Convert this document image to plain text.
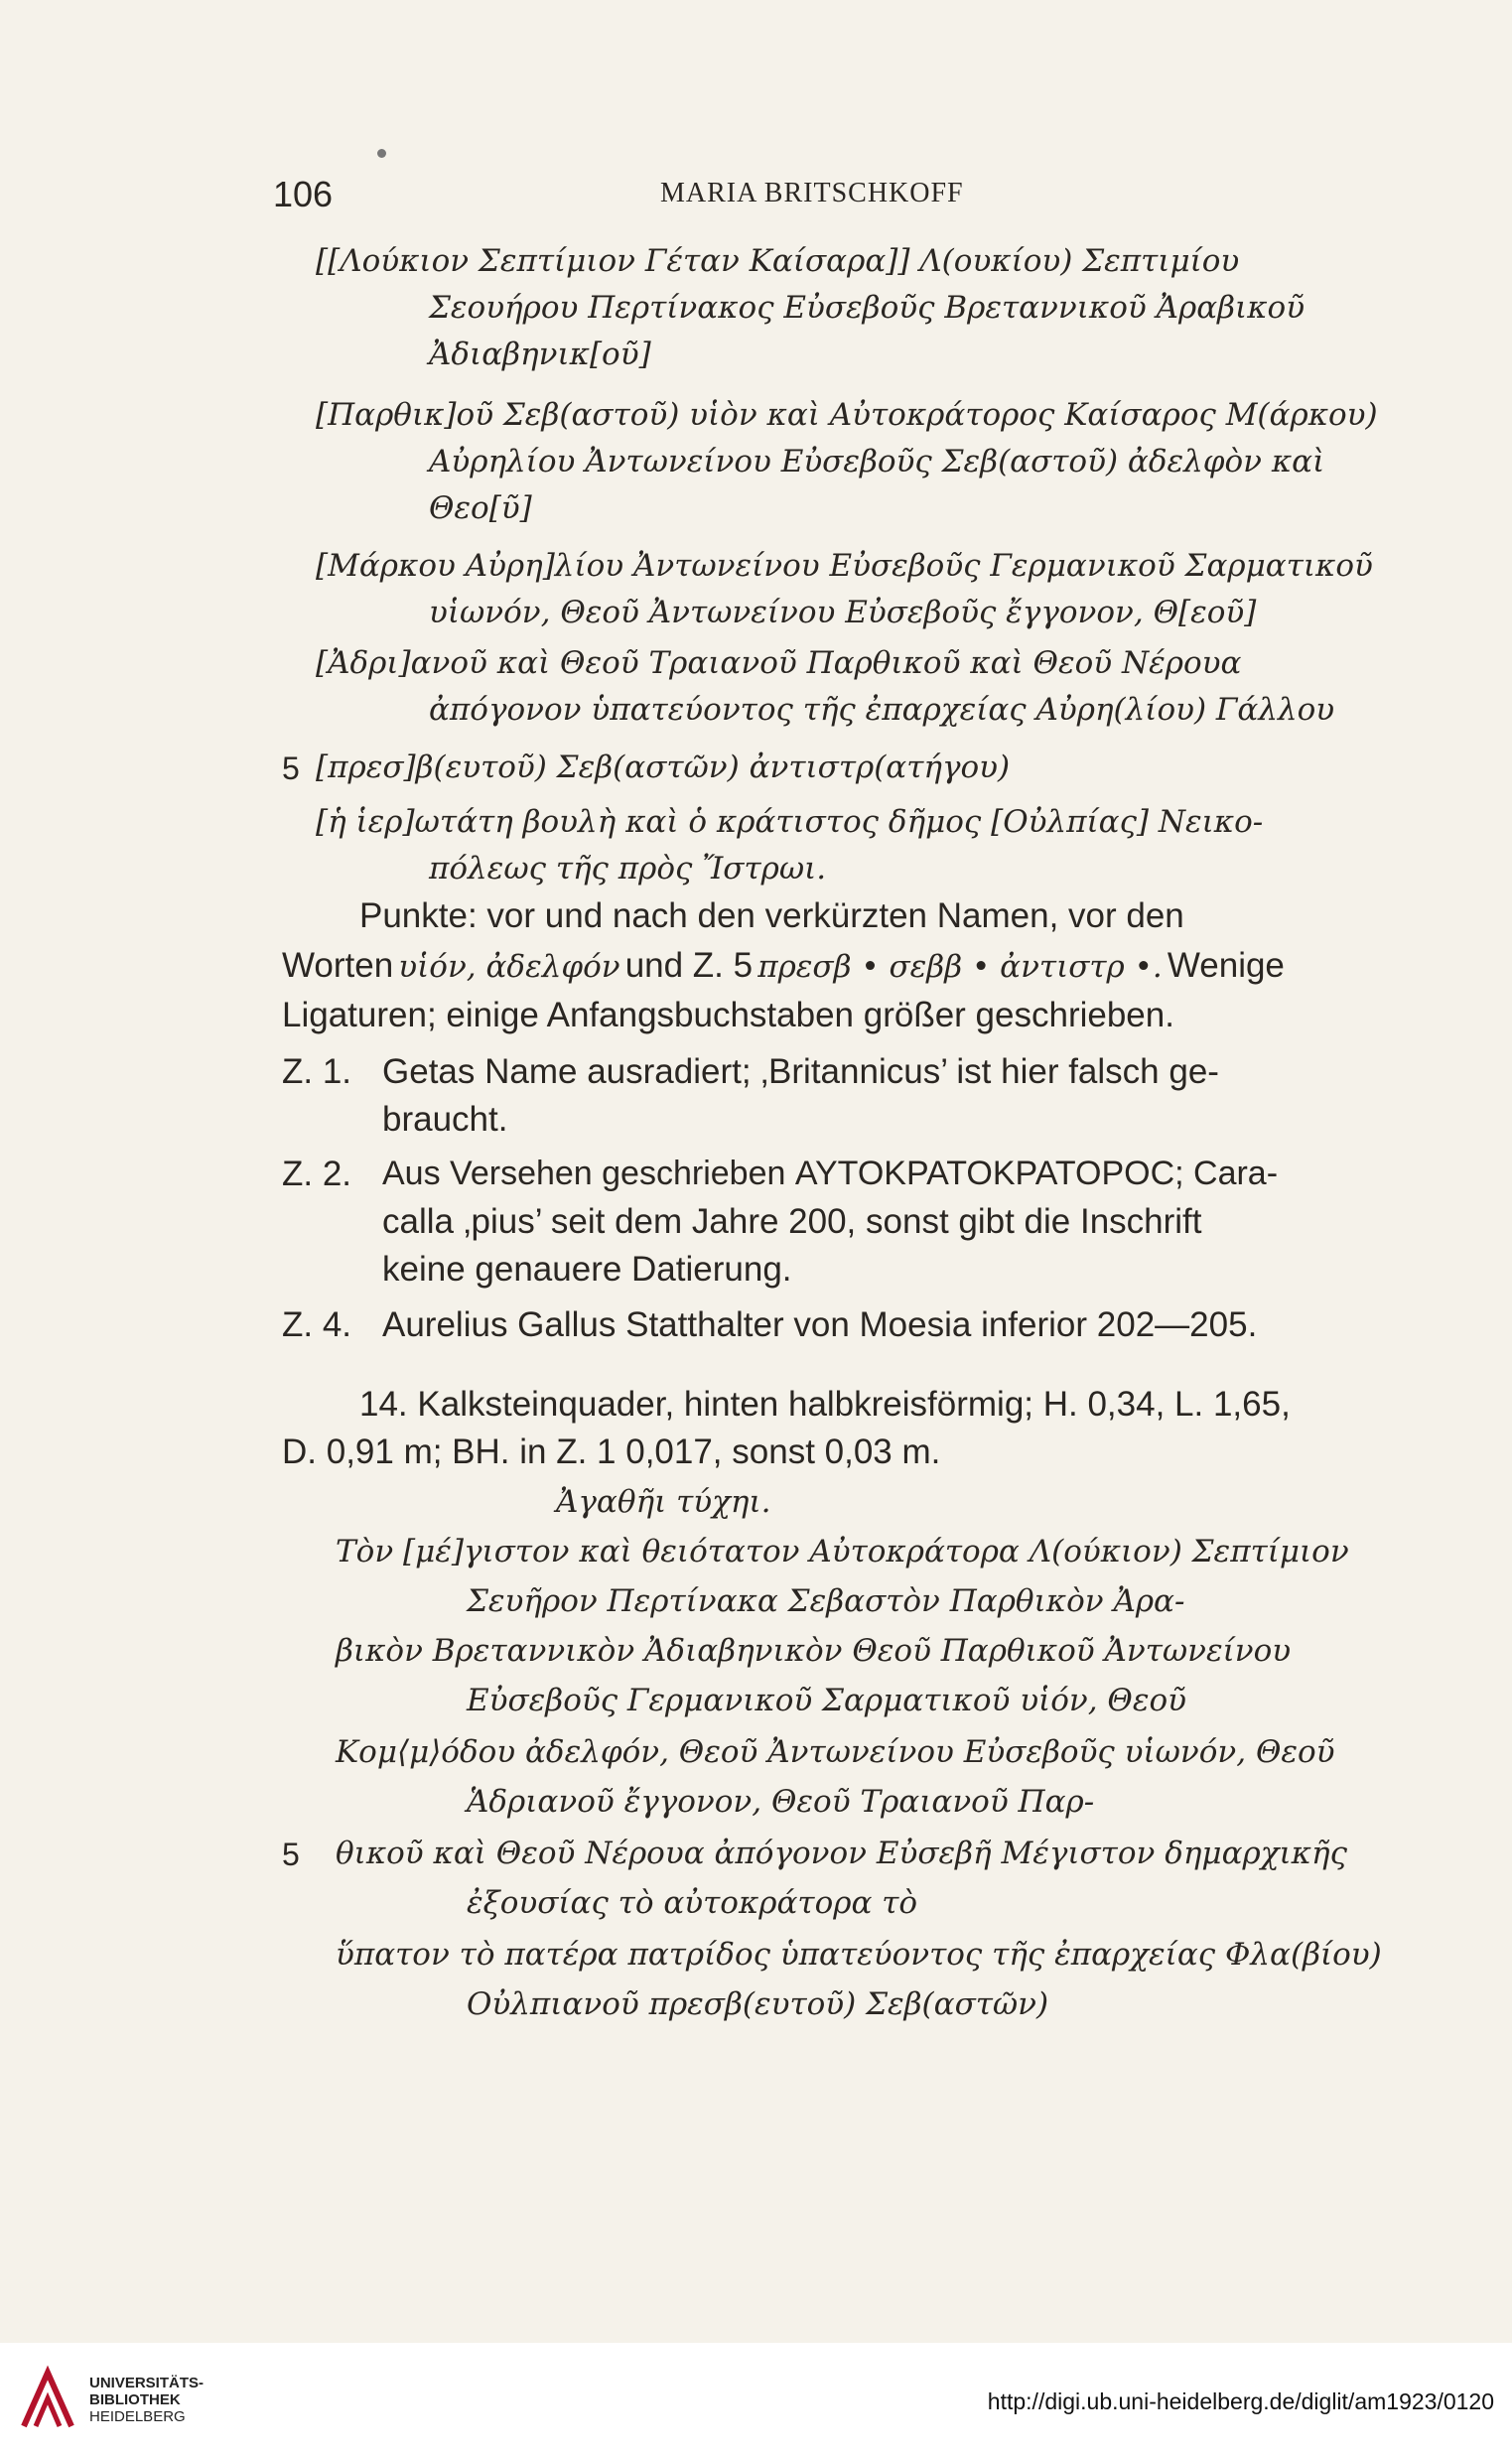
106	MARIA BRITSCHKOFF
[[Λούκιον Σεπτίμιον Γέταν Καίσαρα]] Λ(ουκίου) Σεπτιμίου
Σεουήρου Περτίνακος Εὐσεβοῦς Βρεταννικοῦ Ἀραβικοῦ
Ἀδιαβηνικ[οῦ]
[Παρθικ]οῦ Σεβ(αστοῦ) υἱὸν καὶ Αὐτοκράτορος Καίσαρος Μ(άρκου)
Αὐρηλίου Ἀντωνείνου Εὐσεβοῦς Σεβ(αστοῦ) ἀδελφὸν καὶ
Θεο[ῦ]
[Μάρκου Αὐρη]λίου Ἀντωνείνου Εὐσεβοῦς Γερμανικοῦ Σαρματικοῦ
υἱωνόν, Θεοῦ Ἀντωνείνου Εὐσεβοῦς ἔγγονον, Θ[εοῦ]
[Ἀδρι]ανοῦ καὶ Θεοῦ Τραιανοῦ Παρθικοῦ καὶ Θεοῦ Νέρουα
ἀπόγονον ὑπατεύοντος τῆς ἐπαρχείας Αὐρη(λίου) Γάλλου
5 [πρεσ]β(ευτοῦ) Σεβ(αστῶν) ἀντιστρ(ατήγου)
[ἡ ἱερ]ωτάτη βουλὴ καὶ ὁ κράτιστος δῆμος [Οὐλπίας] Νεικο-
πόλεως τῆς πρὸς Ἴστρωι.
Punkte: vor und nach den verkürzten Namen, vor den
Worten υἱόν, ἀδελφόν und Z. 5 πρεσβ • σεββ • ἀντιστρ •. Wenige
Ligaturen; einige Anfangsbuchstaben größer geschrieben.
Z. 1. Getas Name ausradiert; ‚Britannicus’ ist hier falsch ge-
braucht.
Z. 2. Aus Versehen geschrieben ΑΥΤΟΚΡΑΤΟΚΡΑΤΟΡΟϹ; Cara-
calla ‚pius’ seit dem Jahre 200, sonst gibt die Inschrift
keine genauere Datierung.
Z. 4. Aurelius Gallus Statthalter von Moesia inferior 202—205.
14. Kalksteinquader, hinten halbkreisförmig; H. 0,34, L. 1,65,
D. 0,91 m; BH. in Z. 1 0,017, sonst 0,03 m.
Ἀγαθῆι τύχηι.
Τὸν [μέ]γιστον καὶ θειότατον Αὐτοκράτορα Λ(ούκιον) Σεπτίμιον
Σευῆρον Περτίνακα Σεβαστὸν Παρθικὸν Ἀρα-
βικὸν Βρεταννικὸν Ἀδιαβηνικὸν Θεοῦ Παρθικοῦ Ἀντωνείνου
Εὐσεβοῦς Γερμανικοῦ Σαρματικοῦ υἱόν, Θεοῦ
Κομ⟨μ⟩όδου ἀδελφόν, Θεοῦ Ἀντωνείνου Εὐσεβοῦς υἱωνόν, Θεοῦ
Ἁδριανοῦ ἔγγονον, Θεοῦ Τραιανοῦ Παρ-
5 θικοῦ καὶ Θεοῦ Νέρουα ἀπόγονον Εὐσεβῆ Μέγιστον δημαρχικῆς
ἐξουσίας τὸ αὐτοκράτορα τὸ
ὕπατον τὸ πατέρα πατρίδος ὑπατεύοντος τῆς ἐπαρχείας Φλα(βίου)
Οὐλπιανοῦ πρεσβ(ευτοῦ) Σεβ(αστῶν)
UNIVERSITÄTS-
BIBLIOTHEK
HEIDELBERG
http://digi.ub.uni-heidelberg.de/diglit/am1923/0120
